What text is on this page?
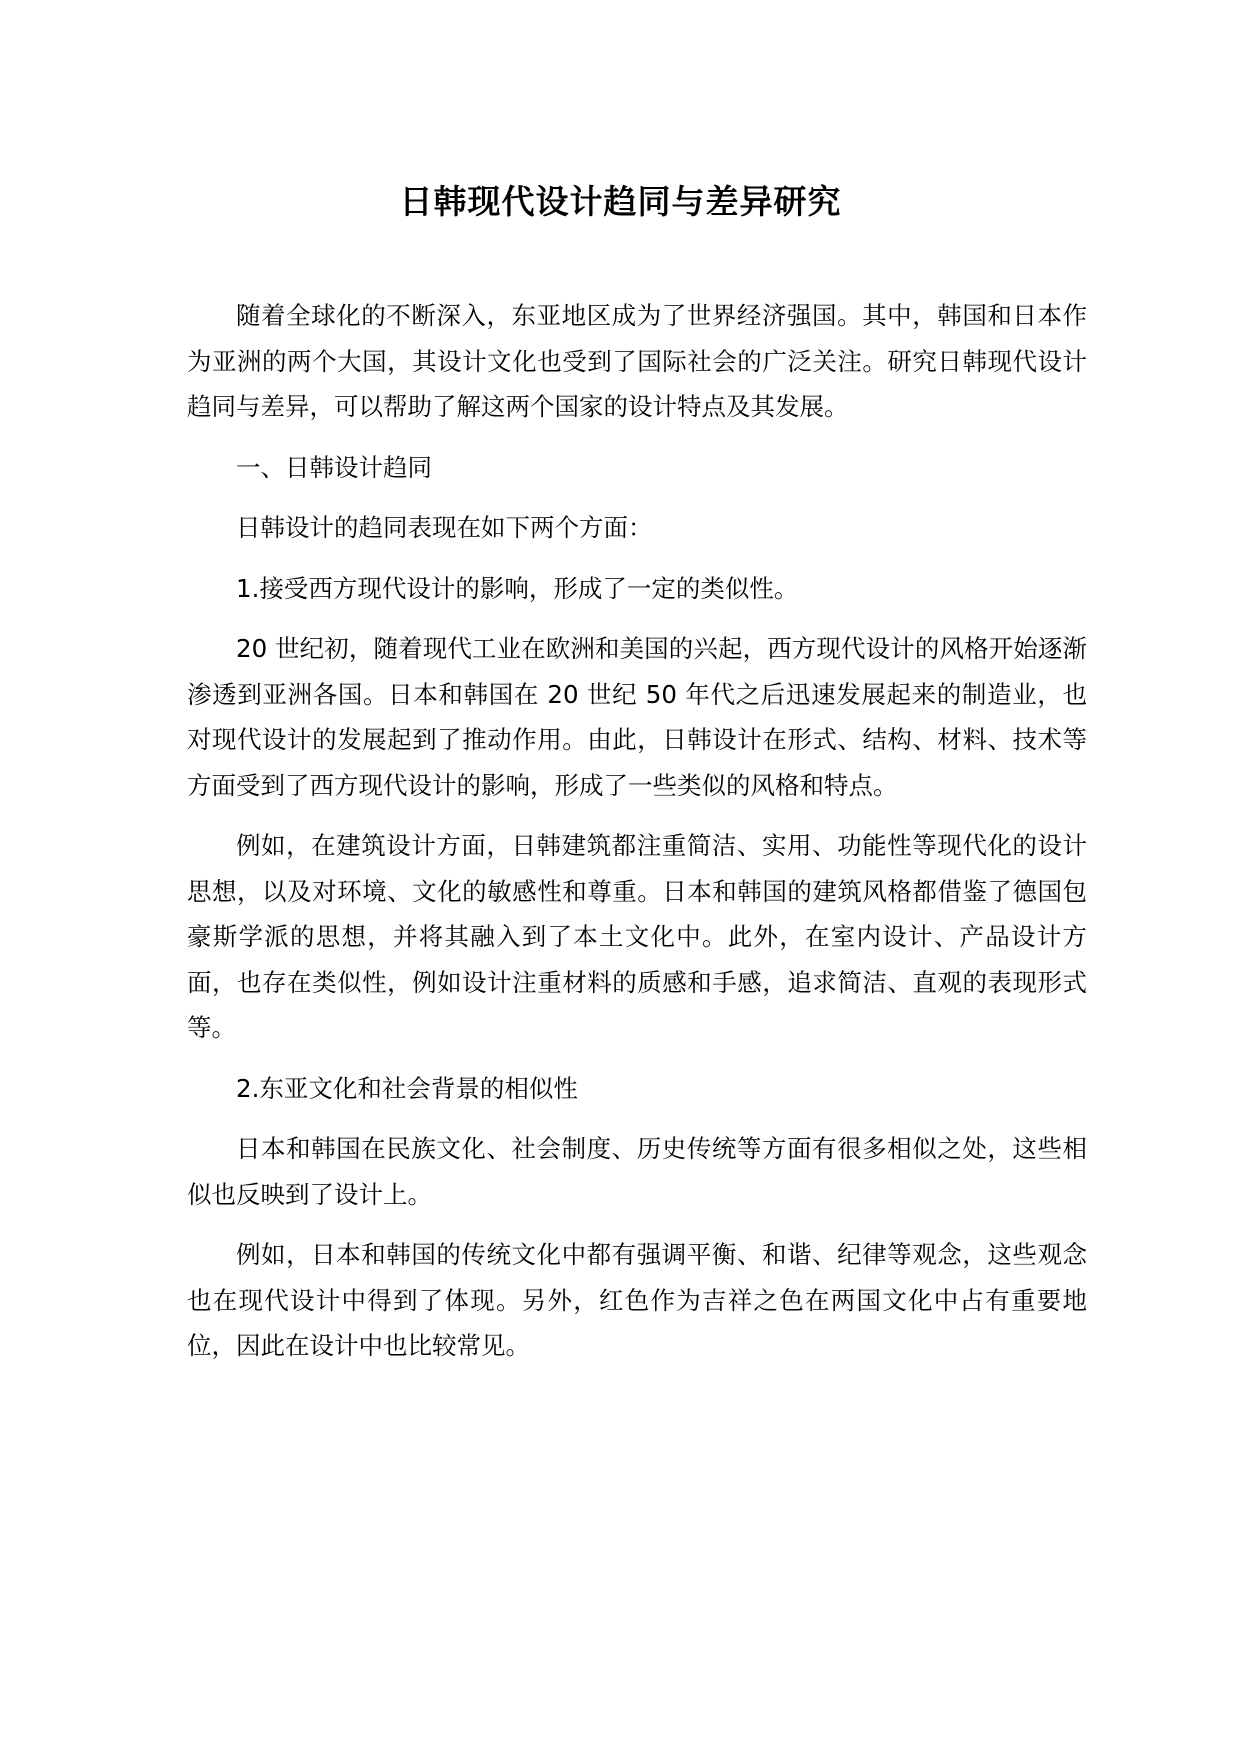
日韩现代设计趋同与差异研究

随着全球化的不断深入，东亚地区成为了世界经济强国。其中，韩国和日本作为亚洲的两个大国，其设计文化也受到了国际社会的广泛关注。研究日韩现代设计趋同与差异，可以帮助了解这两个国家的设计特点及其发展。

一、日韩设计趋同

日韩设计的趋同表现在如下两个方面：

1.接受西方现代设计的影响，形成了一定的类似性。

20 世纪初，随着现代工业在欧洲和美国的兴起，西方现代设计的风格开始逐渐渗透到亚洲各国。日本和韩国在 20 世纪 50 年代之后迅速发展起来的制造业，也对现代设计的发展起到了推动作用。由此，日韩设计在形式、结构、材料、技术等方面受到了西方现代设计的影响，形成了一些类似的风格和特点。

例如，在建筑设计方面，日韩建筑都注重简洁、实用、功能性等现代化的设计思想，以及对环境、文化的敏感性和尊重。日本和韩国的建筑风格都借鉴了德国包豪斯学派的思想，并将其融入到了本土文化中。此外，在室内设计、产品设计方面，也存在类似性，例如设计注重材料的质感和手感，追求简洁、直观的表现形式等。

2.东亚文化和社会背景的相似性

日本和韩国在民族文化、社会制度、历史传统等方面有很多相似之处，这些相似也反映到了设计上。

例如，日本和韩国的传统文化中都有强调平衡、和谐、纪律等观念，这些观念也在现代设计中得到了体现。另外，红色作为吉祥之色在两国文化中占有重要地位，因此在设计中也比较常见。
